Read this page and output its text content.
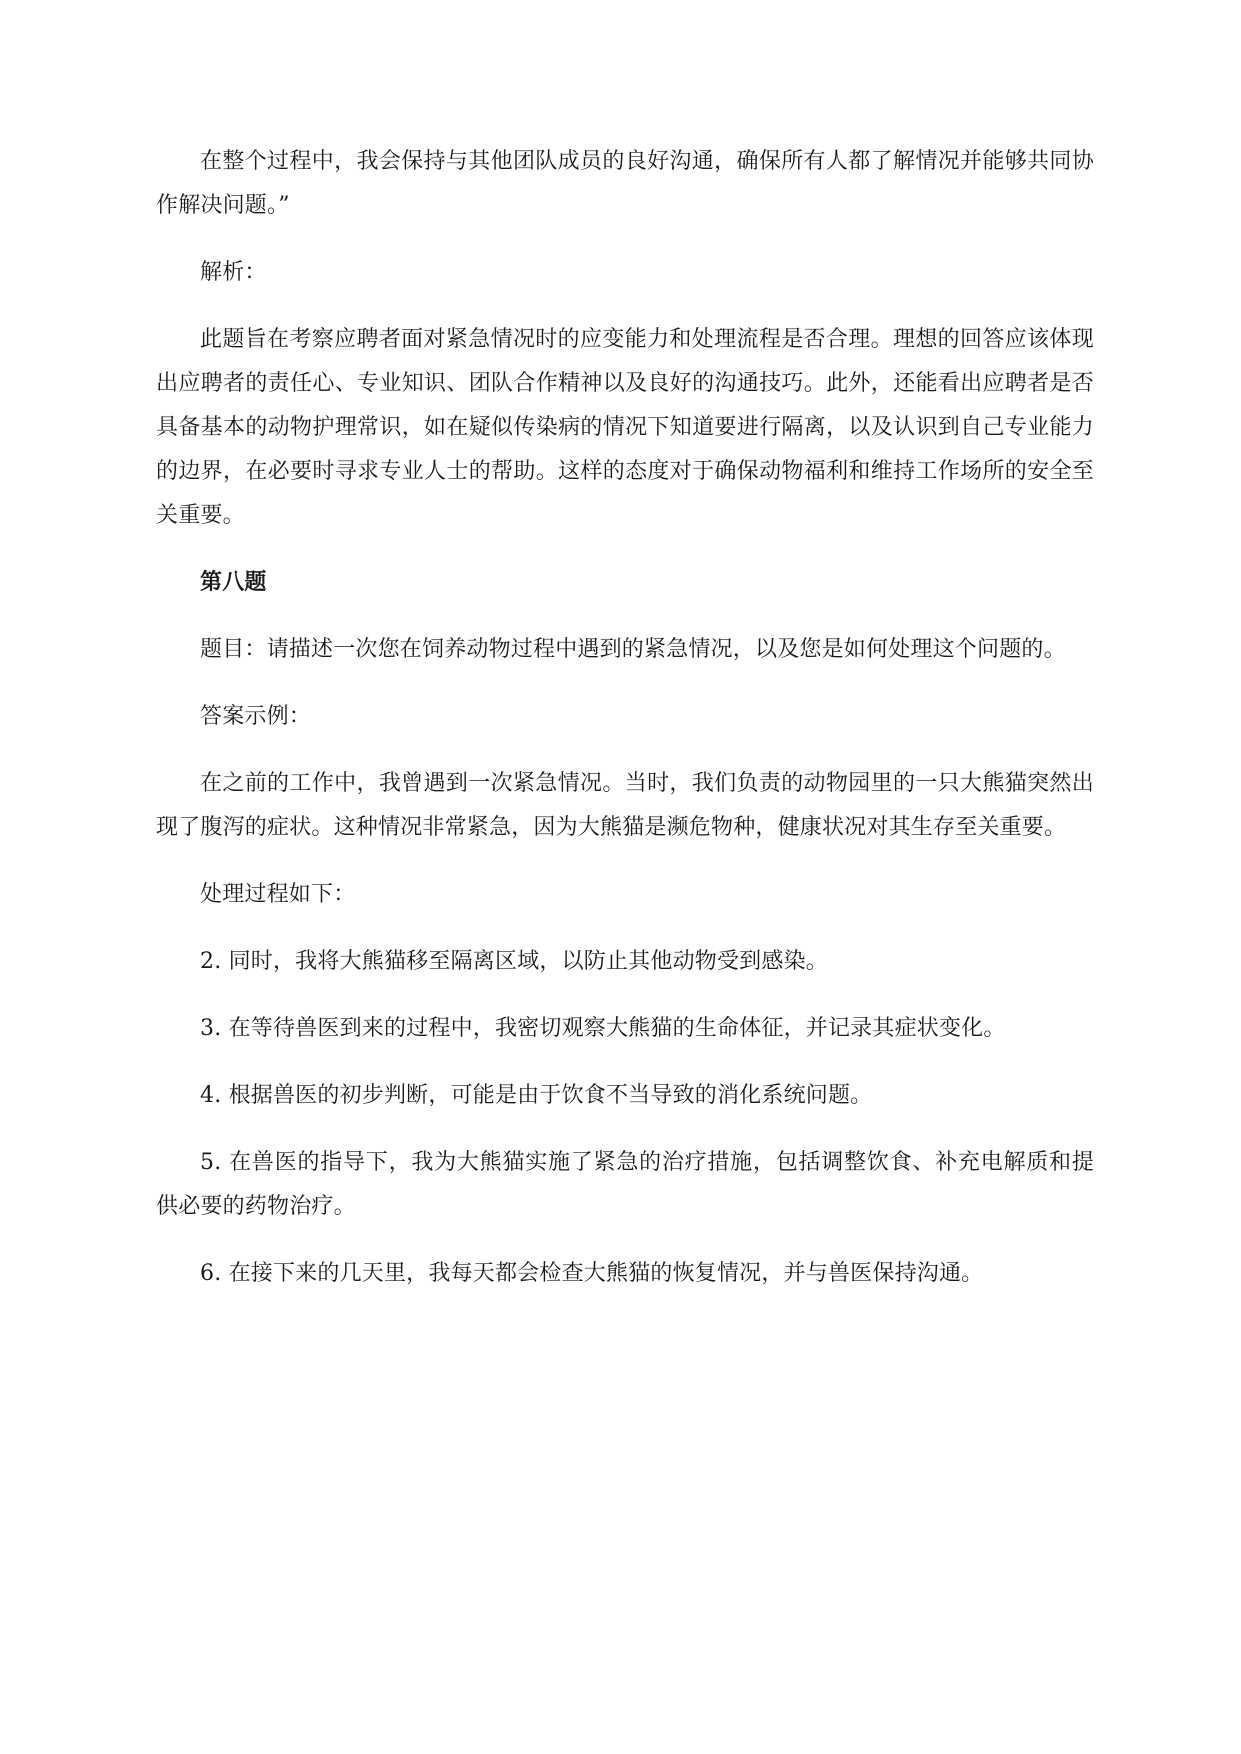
在整个过程中，我会保持与其他团队成员的良好沟通，确保所有人都了解情况并能够共同协作解决问题。”

解析：

此题旨在考察应聘者面对紧急情况时的应变能力和处理流程是否合理。理想的回答应该体现出应聘者的责任心、专业知识、团队合作精神以及良好的沟通技巧。此外，还能看出应聘者是否具备基本的动物护理常识，如在疑似传染病的情况下知道要进行隔离，以及认识到自己专业能力的边界，在必要时寻求专业人士的帮助。这样的态度对于确保动物福利和维持工作场所的安全至关重要。

第八题

题目：请描述一次您在饲养动物过程中遇到的紧急情况，以及您是如何处理这个问题的。

答案示例：

在之前的工作中，我曾遇到一次紧急情况。当时，我们负责的动物园里的一只大熊猫突然出现了腹泻的症状。这种情况非常紧急，因为大熊猫是濒危物种，健康状况对其生存至关重要。

处理过程如下：

2. 同时，我将大熊猫移至隔离区域，以防止其他动物受到感染。

3. 在等待兽医到来的过程中，我密切观察大熊猫的生命体征，并记录其症状变化。

4. 根据兽医的初步判断，可能是由于饮食不当导致的消化系统问题。

5. 在兽医的指导下，我为大熊猫实施了紧急的治疗措施，包括调整饮食、补充电解质和提供必要的药物治疗。

6. 在接下来的几天里，我每天都会检查大熊猫的恢复情况，并与兽医保持沟通。
